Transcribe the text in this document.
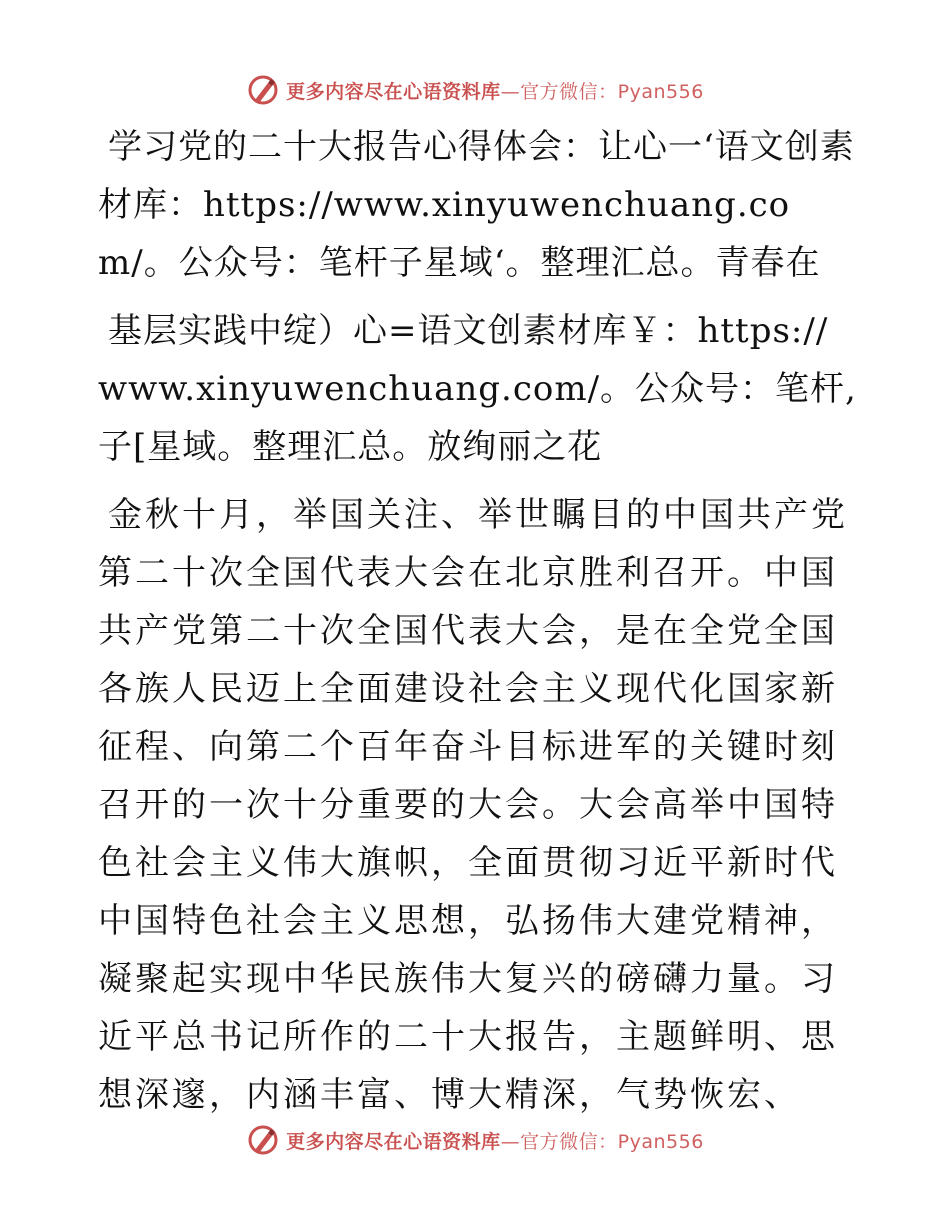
更多内容尽在心语资料库—官方微信：Pyan556

学习党的二十大报告心得体会：让心一‘语文创素材库：https://www.xinyuwenchuang.com/。公众号：笔杆子星域‘。整理汇总。青春在

基层实践中绽）心=语文创素材库￥：https://www.xinyuwenchuang.com/。公众号：笔杆,子[星域。整理汇总。放绚丽之花

金秋十月，举国关注、举世瞩目的中国共产党第二十次全国代表大会在北京胜利召开。中国共产党第二十次全国代表大会，是在全党全国各族人民迈上全面建设社会主义现代化国家新征程、向第二个百年奋斗目标进军的关键时刻召开的一次十分重要的大会。大会高举中国特色社会主义伟大旗帜，全面贯彻习近平新时代中国特色社会主义思想，弘扬伟大建党精神，凝聚起实现中华民族伟大复兴的磅礴力量。习近平总书记所作的二十大报告，主题鲜明、思想深邃，内涵丰富、博大精深，气势恢宏、

更多内容尽在心语资料库—官方微信：Pyan556
